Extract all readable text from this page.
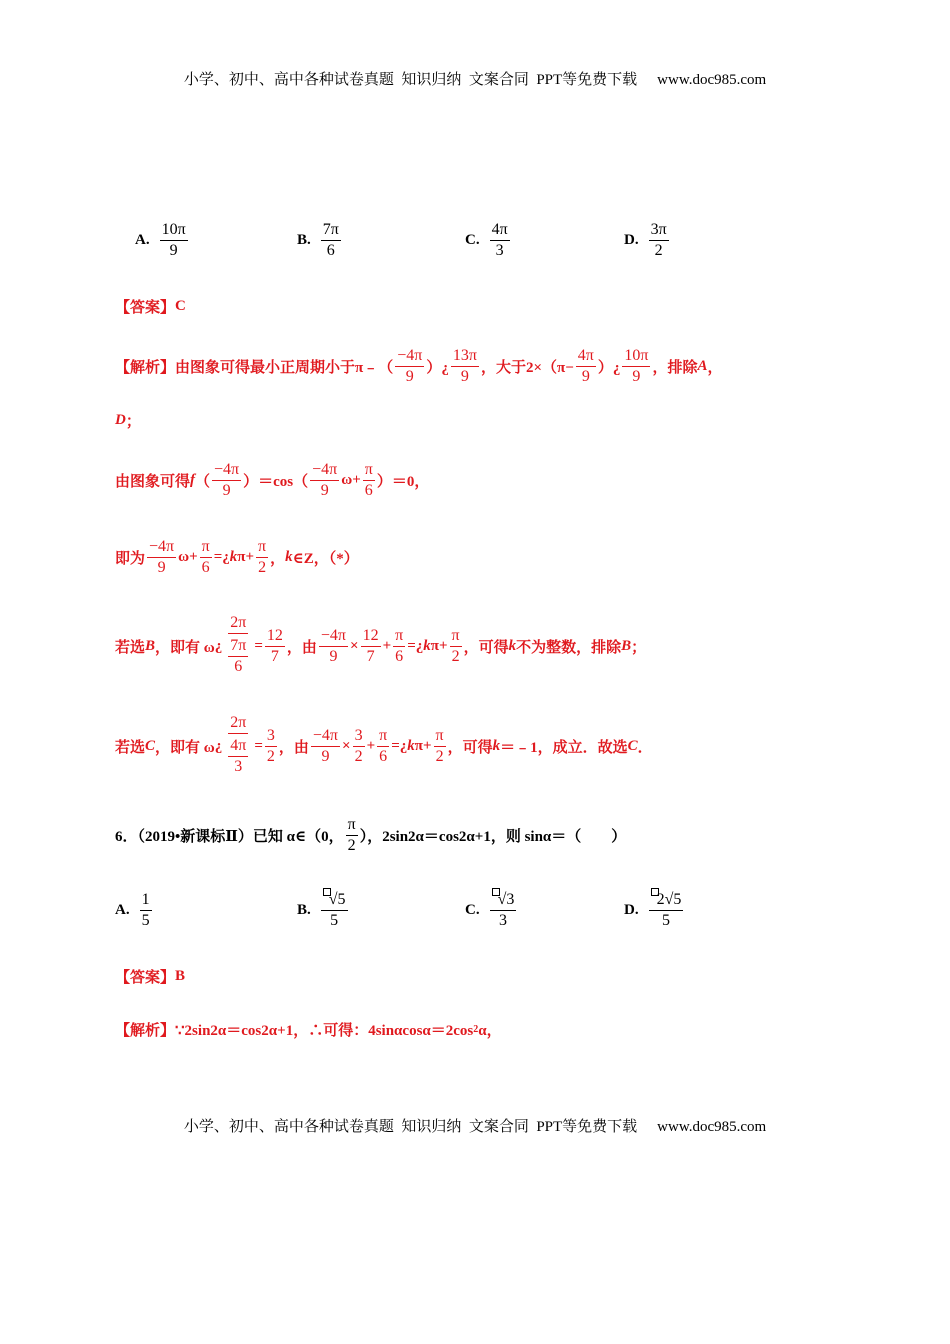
小学、初中、高中各种试卷真题  知识归纳  文案合同  PPT等免费下载 www.doc985.com
A. $\frac{10\pi}{9}$	B. $\frac{7\pi}{6}$	C. $\frac{4\pi}{3}$	D. $\frac{3\pi}{2}$
【答案】 C
【解析】 由图象可得最小正周期小于π﹣（ $\frac{-4\pi}{9}$ ）¿ $\frac{13\pi}{9}$ ，大于$2\times(\pi- \frac{4\pi}{9}$ ）¿ $\frac{10\pi}{9}$ ，排除 A ，
D ；
由图象可得 f （ $\frac{-4\pi}{9} )=\cos( \frac{-4\pi}{9} \omega+ \frac{\pi}{6} )=0$，
即为 $\frac{-4\pi}{9} \omega+ \frac{\pi}{6}$ =¿ k $\pi+ \frac{\pi}{2}$ ， k ∈Z，（*）
若选 B ，即有 ω ¿ $\frac{2\pi}{\frac{7\pi}{6}} = \frac{12}{7}$ ，由 $\frac{-4\pi}{9} \times \frac{12}{7} + \frac{\pi}{6}$ =¿ k $\pi+ \frac{\pi}{2}$ ，可得 k 不为整数，排除 B ；
若选 C ，即有 ω ¿ $\frac{2\pi}{\frac{4\pi}{3}} = \frac{3}{2}$ ，由 $\frac{-4\pi}{9} \times \frac{3}{2} + \frac{\pi}{6}$ =¿ k $\pi+ \frac{\pi}{2}$ ，可得 k ＝﹣1，成立．故选 C ．
6．（2019•新课标Ⅱ）已知 α∈（0， $\frac{\pi}{2}$ ），2sin2α＝cos2α+1，则 sinα＝（　　）
A. $\frac{1}{5}$	B. $\frac{√5}{5}$	C. $\frac{√3}{3}$	D. $\frac{2√5}{5}$
【答案】 B
【解析】 ∵2sin2α＝cos2α+1，∴可得：4sinαcosα＝2cos 2 α，
小学、初中、高中各种试卷真题  知识归纳  文案合同  PPT等免费下载 www.doc985.com
